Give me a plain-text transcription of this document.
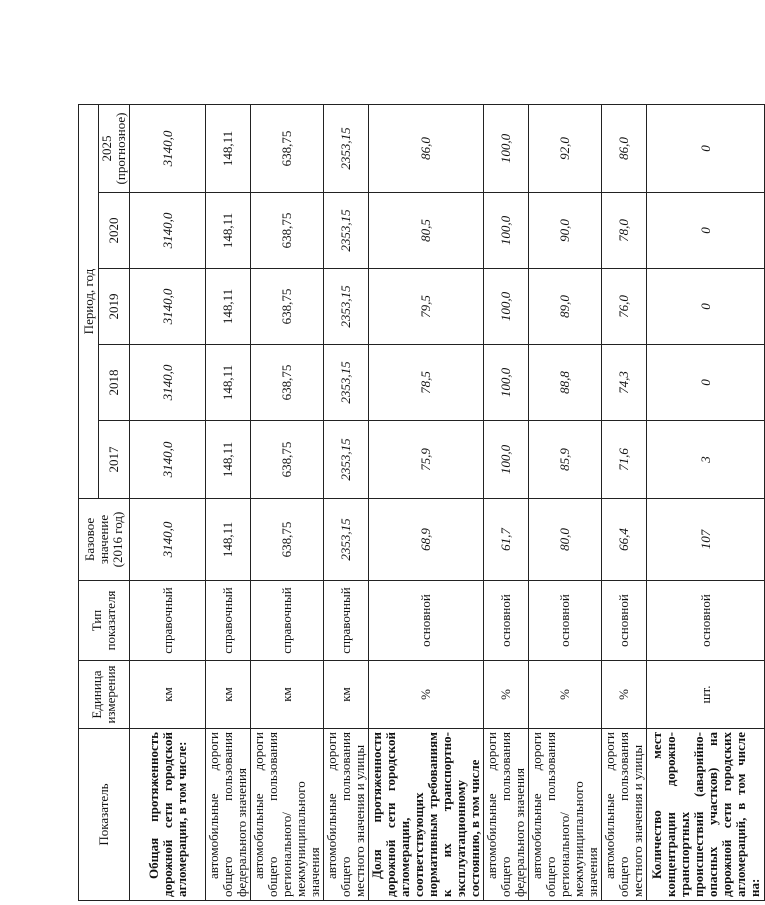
Показатель	Единица измерения	Тип показателя	Базовое значение (2016 год)	Период, год				
				2017	2018	2019	2020	2025 (прогнозное)
Общая протяженность дорожной сети городской агломерации, в том числе:	км	справочный	3140,0	3140,0	3140,0	3140,0	3140,0	3140,0
автомобильные дороги общего пользования федерального значения	км	справочный	148,11	148,11	148,11	148,11	148,11	148,11
автомобильные дороги общего пользования регионального/ межмуниципального значения	км	справочный	638,75	638,75	638,75	638,75	638,75	638,75
автомобильные дороги общего пользования местного значения и улицы	км	справочный	2353,15	2353,15	2353,15	2353,15	2353,15	2353,15
Доля протяженности дорожной сети городской агломерации, соответствующих нормативным требованиям к их транспортно-эксплуатационному состоянию, в том числе	%	основной	68,9	75,9	78,5	79,5	80,5	86,0
автомобильные дороги общего пользования федерального значения	%	основной	61,7	100,0	100,0	100,0	100,0	100,0
автомобильные дороги общего пользования регионального/ межмуниципального значения	%	основной	80,0	85,9	88,8	89,0	90,0	92,0
автомобильные дороги общего пользования местного значения и улицы	%	основной	66,4	71,6	74,3	76,0	78,0	86,0
Количество мест концентрации дорожно-транспортных происшествий (аварийно-опасных участков) на дорожной сети городских агломераций, в том числе на:	шт.	основной	107	3	0	0	0	0
